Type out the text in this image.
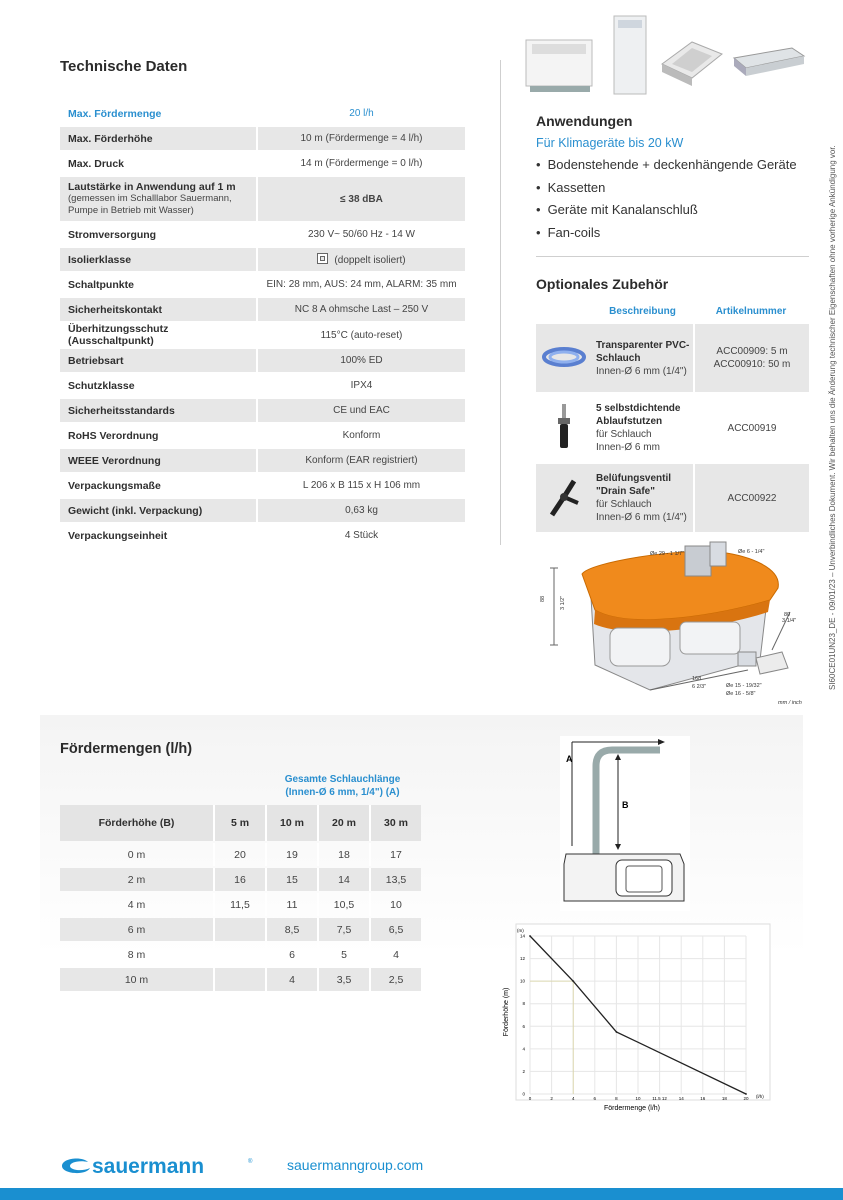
Technische Daten
Max. Fördermenge	20 l/h
Max. Förderhöhe	10 m (Fördermenge = 4 l/h)
Max. Druck	14 m (Fördermenge = 0 l/h)
Lautstärke in Anwendung auf 1 m
(gemessen im Schalllabor Sauermann, Pumpe in Betrieb mit Wasser)	≤ 38 dBA
Stromversorgung	230 V~ 50/60 Hz - 14 W
Isolierklasse	(doppelt isoliert)
Schaltpunkte	EIN: 28 mm, AUS: 24 mm, ALARM: 35 mm
Sicherheitskontakt	NC 8 A ohmsche Last – 250 V
Überhitzungsschutz (Ausschaltpunkt)	115°C (auto-reset)
Betriebsart	100% ED
Schutzklasse	IPX4
Sicherheitsstandards	CE und EAC
RoHS Verordnung	Konform
WEEE Verordnung	Konform (EAR registriert)
Verpackungsmaße	L 206 x B 115 x H 106 mm
Gewicht (inkl. Verpackung)	0,63 kg
Verpackungseinheit	4 Stück
Anwendungen
Für Klimageräte bis 20 kW
• Bodenstehende + deckenhängende Geräte
• Kassetten
• Geräte mit Kanalanschluß
• Fan-coils
Optionales Zubehör
	Beschreibung	Artikelnummer
	Transparenter PVC-
Schlauch
Innen-Ø 6 mm (1/4")	ACC00909: 5 m
ACC00910: 50 m
	5 selbstdichtende
Ablaufstutzen
für Schlauch
Innen-Ø 6 mm	ACC00919
	Belüfungsventil
"Drain Safe"
für Schlauch
Innen-Ø 6 mm (1/4")	ACC00922
Øe 29 - 1 1/7"	Øe 6 - 1/4"
88	3 1/2"
168
6 2/3"
80
3 1/4"
Øe 15 - 19/32"
Øe 16 - 5/8"
mm / inch
SI60CE01UN23_DE - 09/01/23 – Unverbindliches Dokument. Wir behalten uns die Änderung technischer Eigenschaften ohne vorherige Ankündigung vor.
Fördermengen (l/h)
Gesamte Schlauchlänge
(Innen-Ø 6 mm, 1/4") (A)
Förderhöhe (B)	5 m	10 m	20 m	30 m
0 m	20	19	18	17
2 m	16	15	14	13,5
4 m	11,5	11	10,5	10
6 m		8,5	7,5	6,5
8 m		6	5	4
10 m		4	3,5	2,5
A
B
0
2
4
6
8
10
12
14
0	2	4	6	8	10	11.5 12	14	16	18	20
Fördermenge (l/h)
Förderhöhe (m)
(m)
(l/h)
sauermann	® sauermanngroup.com
